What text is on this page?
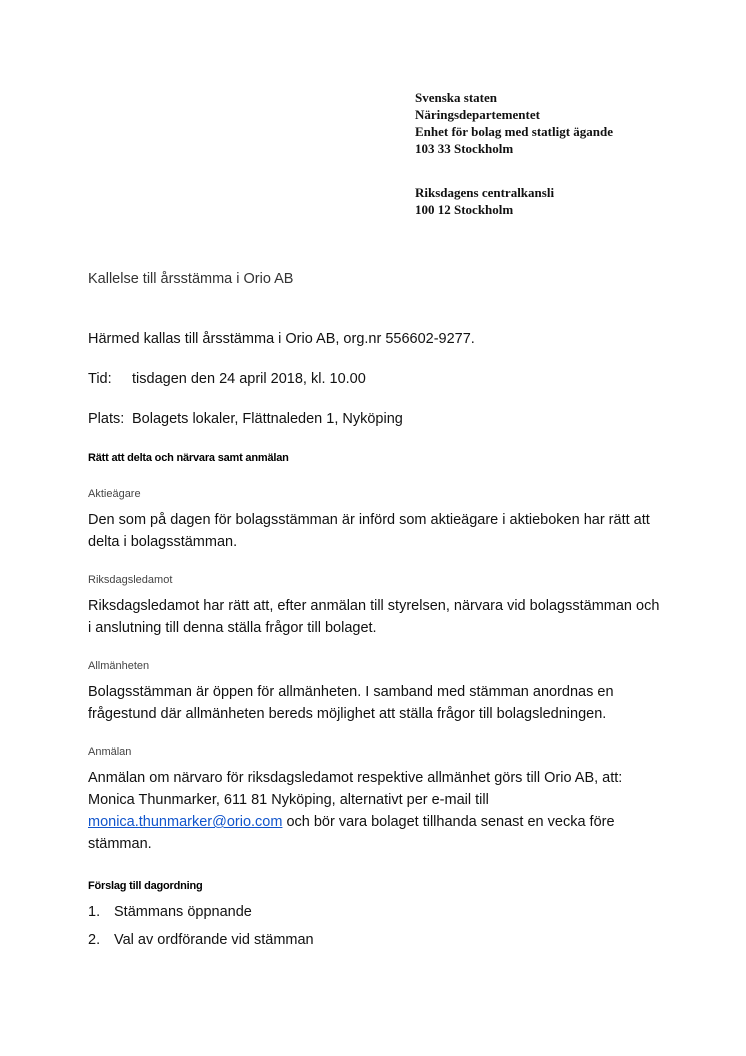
Svenska staten
Näringsdepartementet
Enhet för bolag med statligt ägande
103 33 Stockholm
Riksdagens centralkansli
100 12 Stockholm
Kallelse till årsstämma i Orio AB
Härmed kallas till årsstämma i Orio AB, org.nr 556602-9277.
Tid: tisdagen den 24 april 2018, kl. 10.00
Plats: Bolagets lokaler, Flättnaleden 1, Nyköping
Rätt att delta och närvara samt anmälan
Aktieägare
Den som på dagen för bolagsstämman är införd som aktieägare i aktieboken har rätt att
delta i bolagsstämman.
Riksdagsledamot
Riksdagsledamot har rätt att, efter anmälan till styrelsen, närvara vid bolagsstämman och
i anslutning till denna ställa frågor till bolaget.
Allmänheten
Bolagsstämman är öppen för allmänheten. I samband med stämman anordnas en
frågestund där allmänheten bereds möjlighet att ställa frågor till bolagsledningen.
Anmälan
Anmälan om närvaro för riksdagsledamot respektive allmänhet görs till Orio AB, att:
Monica Thunmarker, 611 81 Nyköping, alternativt per e-mail till
monica.thunmarker@orio.com och bör vara bolaget tillhanda senast en vecka före
stämman.
Förslag till dagordning
1. Stämmans öppnande
2. Val av ordförande vid stämman
